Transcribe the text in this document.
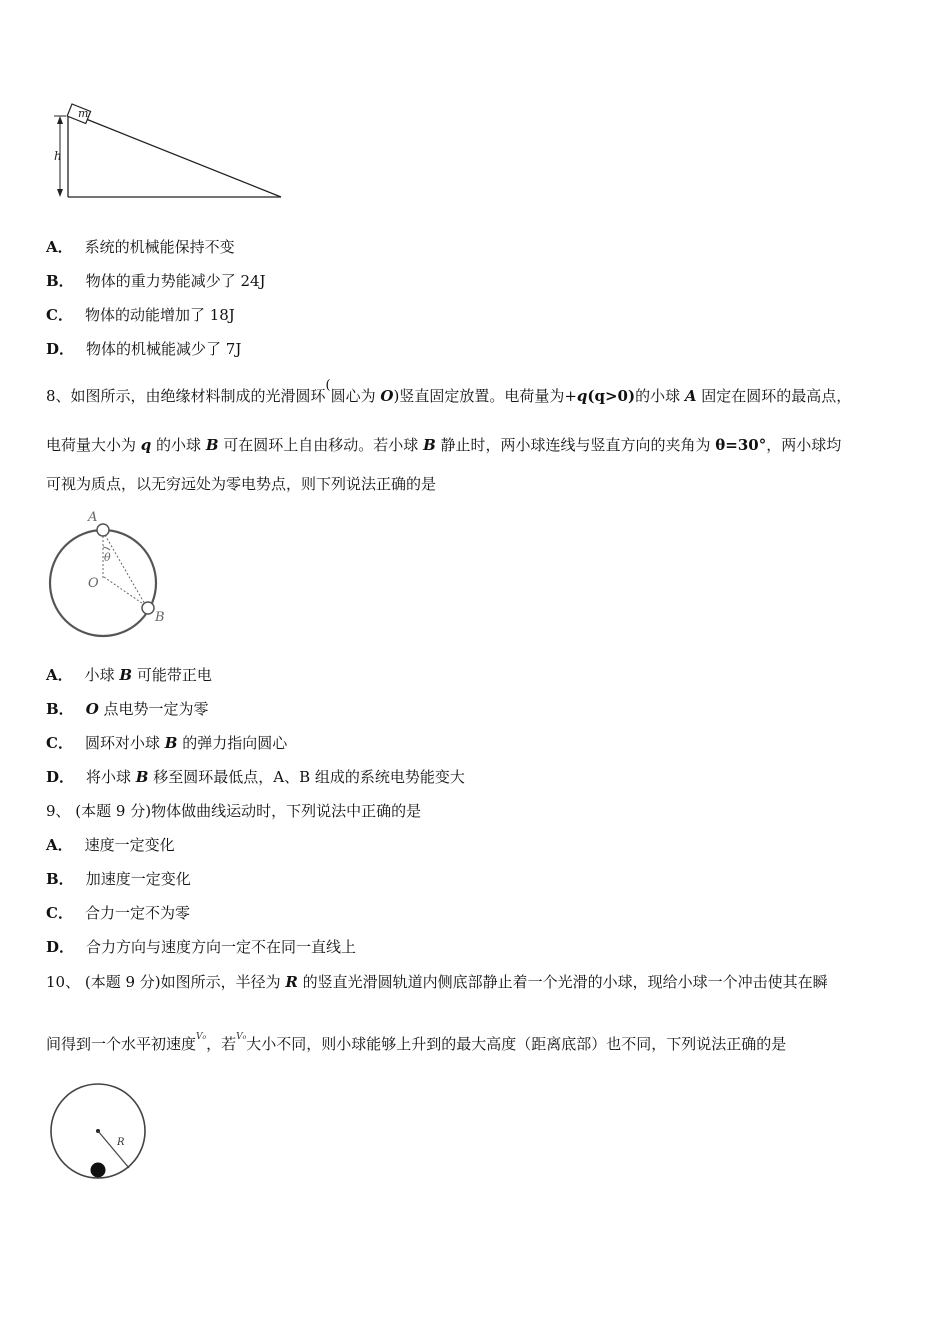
m
h
A． 系统的机械能保持不变
B． 物体的重力势能减少了 24J
C． 物体的动能增加了 18J
D． 物体的机械能减少了 7J
8、如图所示，由绝缘材料制成的光滑圆环(圆心为 O)竖直固定放置。电荷量为+q(q>0)的小球 A 固定在圆环的最高点，
电荷量大小为 q 的小球 B 可在圆环上自由移动。若小球 B 静止时，两小球连线与竖直方向的夹角为 θ=30°，两小球均
可视为质点，以无穷远处为零电势点，则下列说法正确的是
A
B
O
θ
A． 小球 B 可能带正电
B． O 点电势一定为零
C． 圆环对小球 B 的弹力指向圆心
D． 将小球 B 移至圆环最低点，A、B 组成的系统电势能变大
9、 (本题 9 分)物体做曲线运动时，下列说法中正确的是
A． 速度一定变化
B． 加速度一定变化
C． 合力一定不为零
D． 合力方向与速度方向一定不在同一直线上
10、 (本题 9 分)如图所示，半径为 R 的竖直光滑圆轨道内侧底部静止着一个光滑的小球，现给小球一个冲击使其在瞬
间得到一个水平初速度$^{V_0}$，若$^{V_0}$大小不同，则小球能够上升到的最大高度（距离底部）也不同，下列说法正确的是
R
